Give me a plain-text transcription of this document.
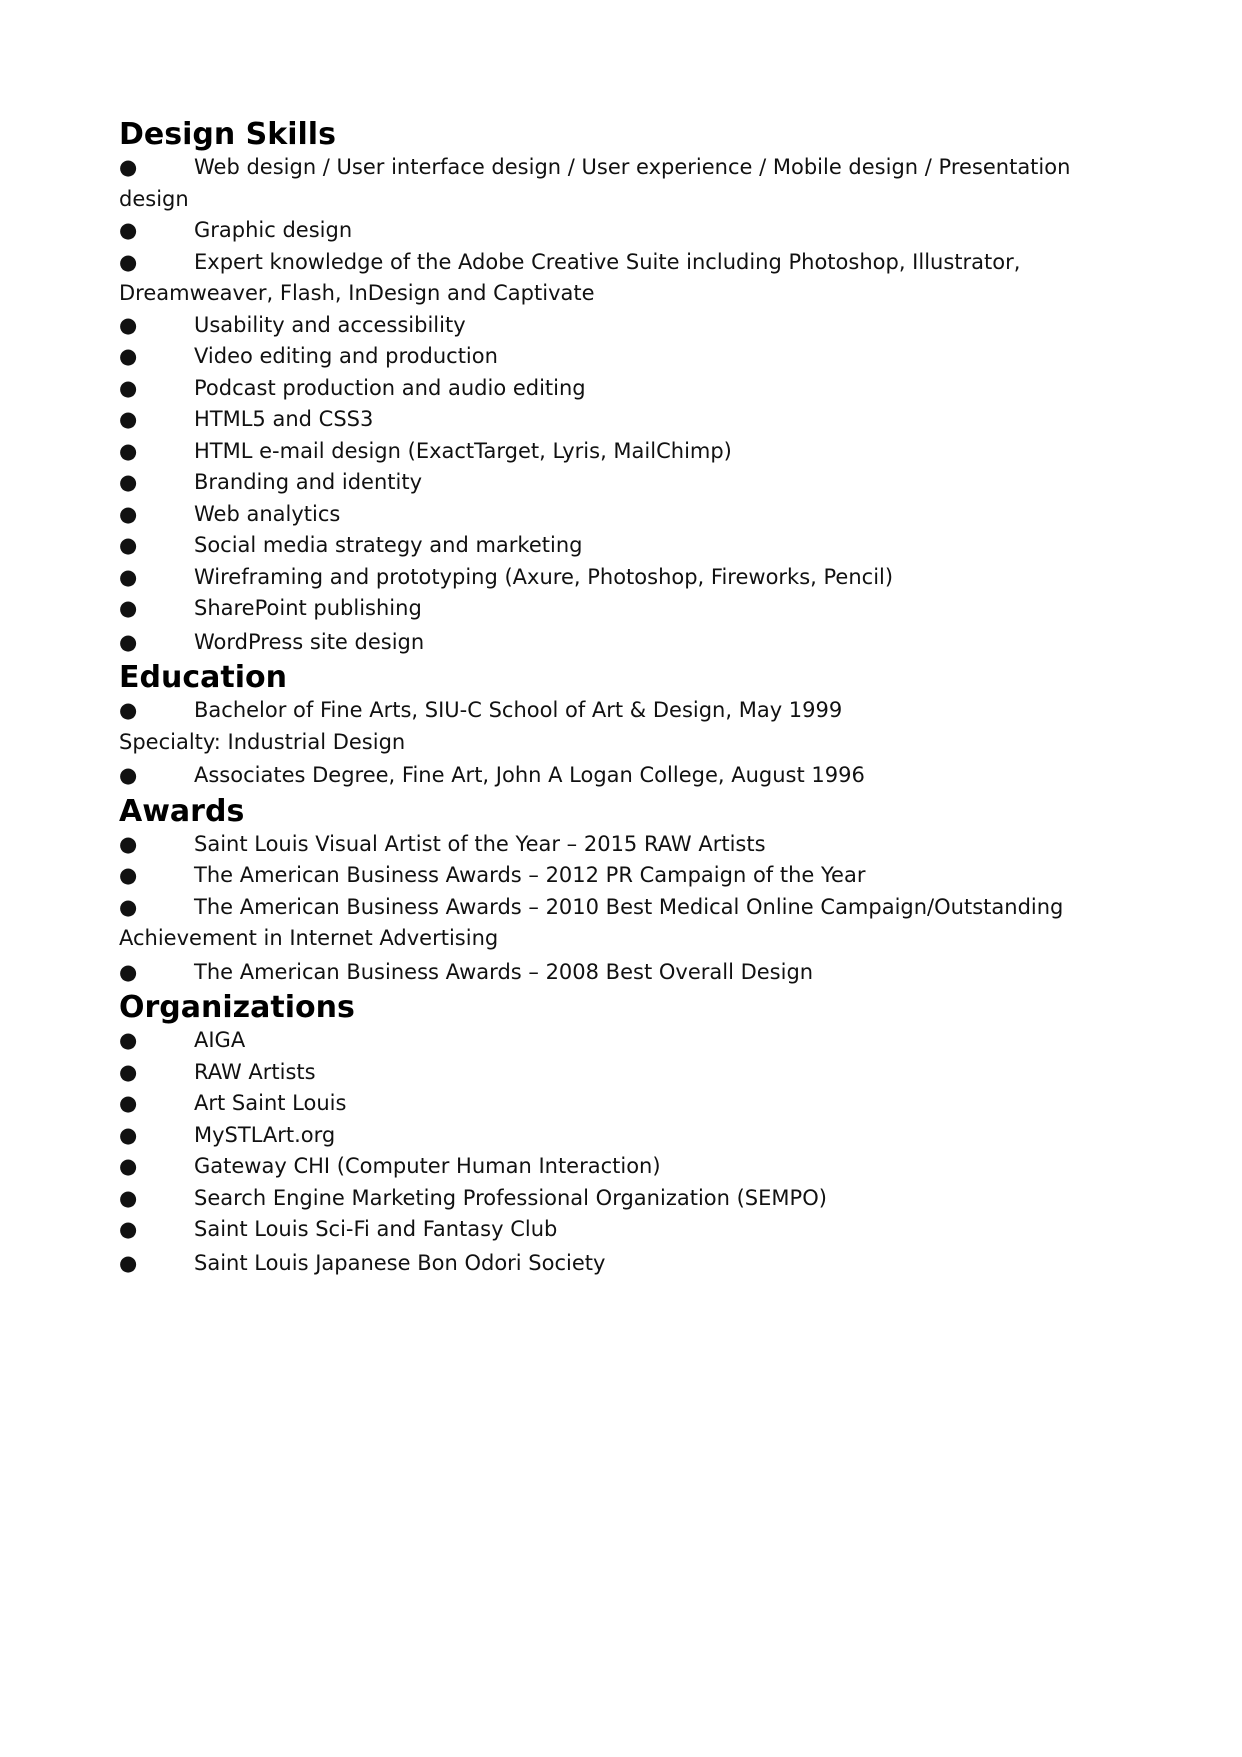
Design Skills
●	Web design / User interface design / User experience / Mobile design / Presentation design
●	Graphic design
●	Expert knowledge of the Adobe Creative Suite including Photoshop, Illustrator, Dreamweaver, Flash, InDesign and Captivate
●	Usability and accessibility
●	Video editing and production
●	Podcast production and audio editing
●	HTML5 and CSS3
●	HTML e-mail design (ExactTarget, Lyris, MailChimp)
●	Branding and identity
●	Web analytics
●	Social media strategy and marketing
●	Wireframing and prototyping (Axure, Photoshop, Fireworks, Pencil)
●	SharePoint publishing
●	WordPress site design
Education
●	Bachelor of Fine Arts, SIU-C School of Art & Design, May 1999

Specialty: Industrial Design

●	Associates Degree, Fine Art, John A Logan College, August 1996
Awards
●	Saint Louis Visual Artist of the Year – 2015 RAW Artists
●	The American Business Awards – 2012 PR Campaign of the Year
●	The American Business Awards – 2010 Best Medical Online Campaign/Outstanding Achievement in Internet Advertising
●	The American Business Awards – 2008 Best Overall Design
Organizations
●	AIGA
●	RAW Artists
●	Art Saint Louis
●	MySTLArt.org
●	Gateway CHI (Computer Human Interaction)
●	Search Engine Marketing Professional Organization (SEMPO)
●	Saint Louis Sci-Fi and Fantasy Club
●	Saint Louis Japanese Bon Odori Society
